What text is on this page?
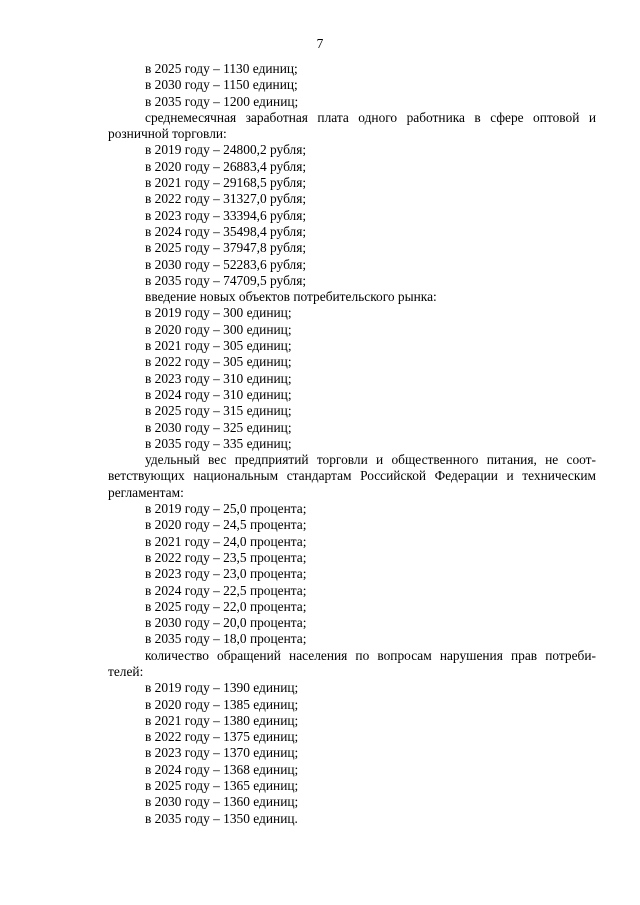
7
в 2025 году – 1130 единиц;
в 2030 году – 1150 единиц;
в 2035 году – 1200 единиц;
среднемесячная заработная плата одного работника в сфере оптовой и
розничной торговли:
в 2019 году – 24800,2 рубля;
в 2020 году – 26883,4 рубля;
в 2021 году – 29168,5 рубля;
в 2022 году – 31327,0 рубля;
в 2023 году – 33394,6 рубля;
в 2024 году – 35498,4 рубля;
в 2025 году – 37947,8 рубля;
в 2030 году – 52283,6 рубля;
в 2035 году – 74709,5 рубля;
введение новых объектов потребительского рынка:
в 2019 году – 300 единиц;
в 2020 году – 300 единиц;
в 2021 году – 305 единиц;
в 2022 году – 305 единиц;
в 2023 году – 310 единиц;
в 2024 году – 310 единиц;
в 2025 году – 315 единиц;
в 2030 году – 325 единиц;
в 2035 году – 335 единиц;
удельный вес предприятий торговли и общественного питания, не соот-
ветствующих национальным стандартам Российской Федерации и техническим
регламентам:
в 2019 году – 25,0 процента;
в 2020 году – 24,5 процента;
в 2021 году – 24,0 процента;
в 2022 году – 23,5 процента;
в 2023 году – 23,0 процента;
в 2024 году – 22,5 процента;
в 2025 году – 22,0 процента;
в 2030 году – 20,0 процента;
в 2035 году – 18,0 процента;
количество обращений населения по вопросам нарушения прав потреби-
телей:
в 2019 году – 1390 единиц;
в 2020 году – 1385 единиц;
в 2021 году – 1380 единиц;
в 2022 году – 1375 единиц;
в 2023 году – 1370 единиц;
в 2024 году – 1368 единиц;
в 2025 году – 1365 единиц;
в 2030 году – 1360 единиц;
в 2035 году – 1350 единиц.
